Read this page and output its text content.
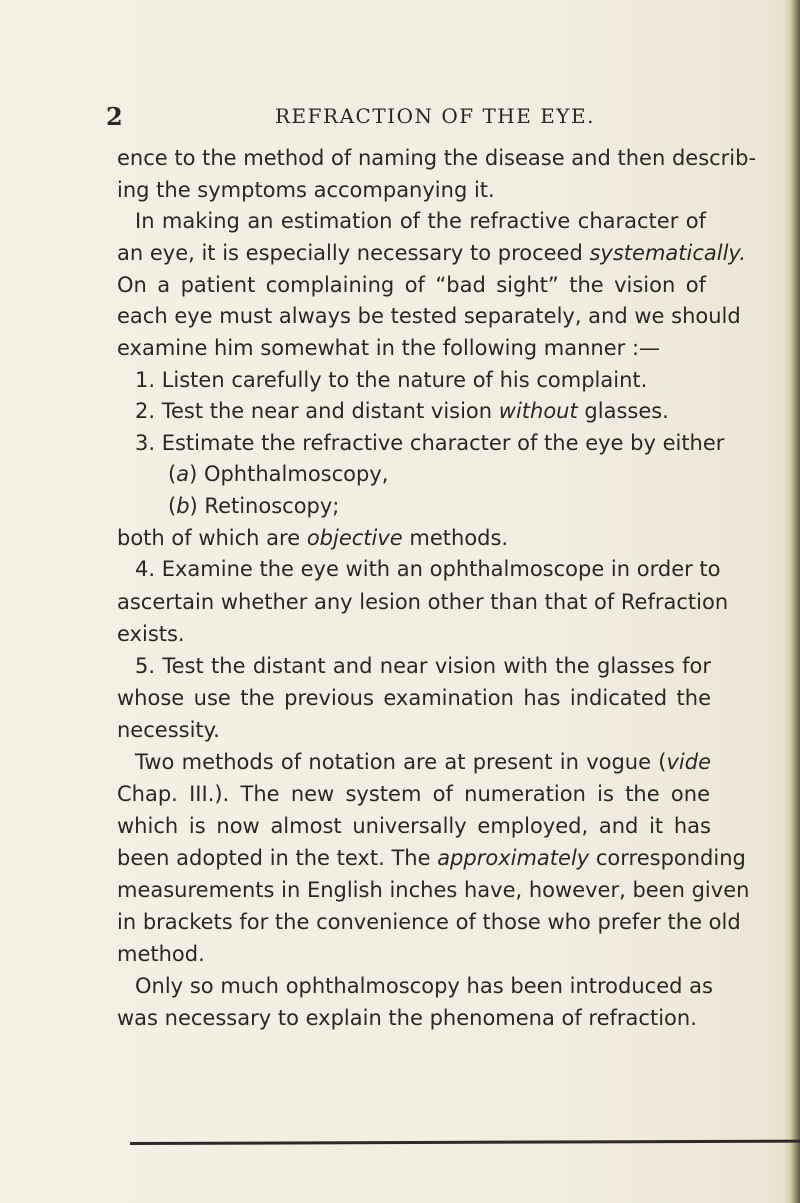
2	REFRACTION OF THE EYE.
ence to the method of naming the disease and then describ-
ing the symptoms accompanying it.
In making an estimation of the refractive character of
an eye, it is especially necessary to proceed systematically.
On a patient complaining of “bad sight” the vision of
each eye must always be tested separately, and we should
examine him somewhat in the following manner :—
1. Listen carefully to the nature of his complaint.
2. Test the near and distant vision without glasses.
3. Estimate the refractive character of the eye by either
(a) Ophthalmoscopy,
(b) Retinoscopy;
both of which are objective methods.
4. Examine the eye with an ophthalmoscope in order to
ascertain whether any lesion other than that of Refraction
exists.
5. Test the distant and near vision with the glasses for
whose use the previous examination has indicated the
necessity.
Two methods of notation are at present in vogue (vide
Chap. III.). The new system of numeration is the one
which is now almost universally employed, and it has
been adopted in the text. The approximately corresponding
measurements in English inches have, however, been given
in brackets for the convenience of those who prefer the old
method.
Only so much ophthalmoscopy has been introduced as
was necessary to explain the phenomena of refraction.
